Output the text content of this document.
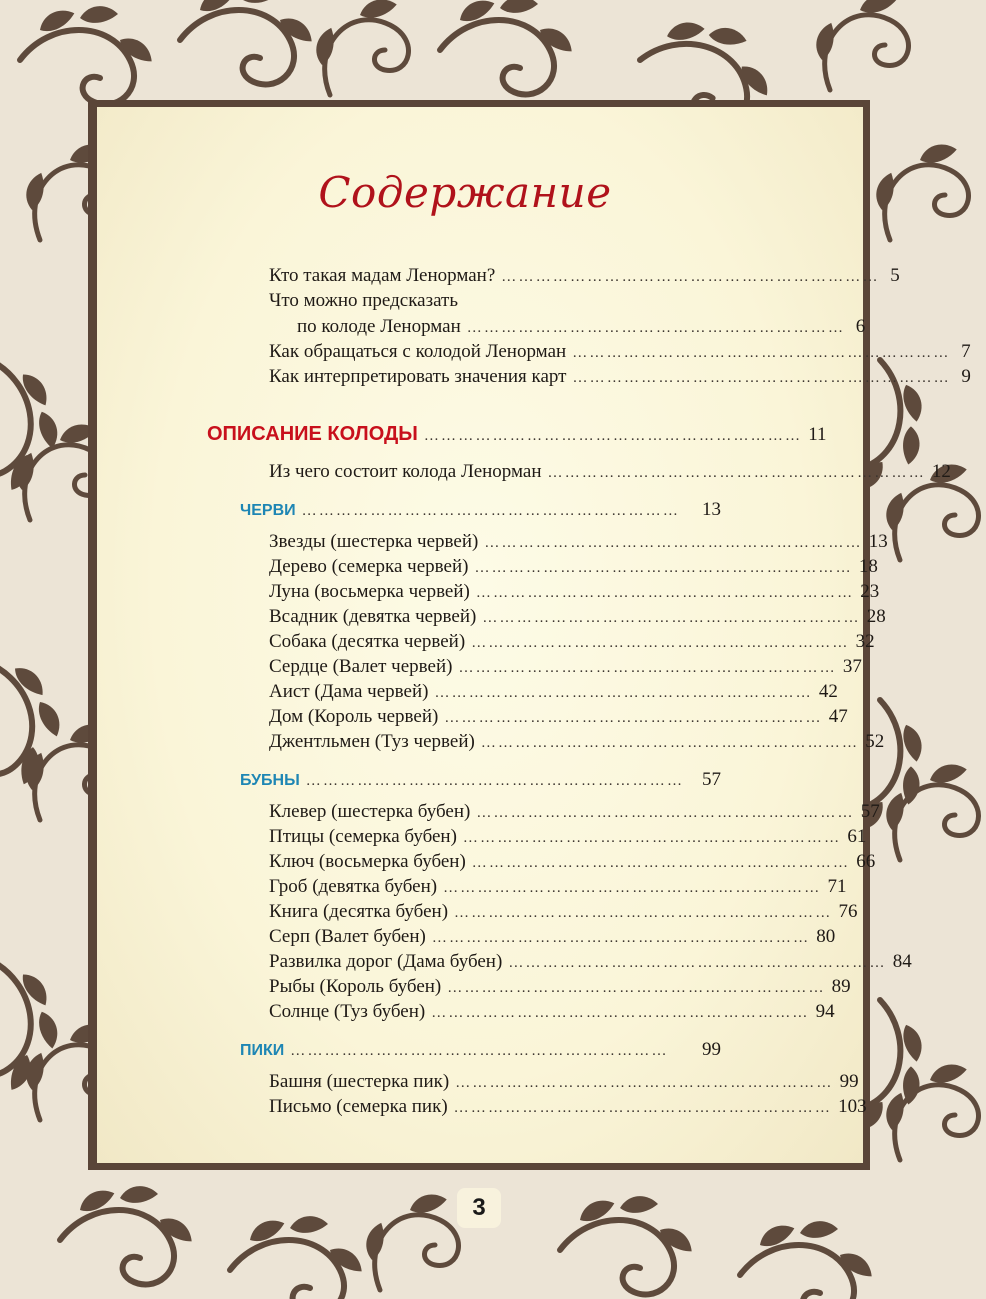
Содержание
Кто такая мадам Ленорман? ………………………………………………………… 5
Что можно предсказать
по колоде Ленорман ………………………………………………………… 6
Как обращаться с колодой Ленорман ………………………………………………………… 7
Как интерпретировать значения карт ………………………………………………………… 9
ОПИСАНИЕ КОЛОДЫ ………………………………………………………… 11
Из чего состоит колода Ленорман ………………………………………………………… 12
ЧЕРВИ …………………………………………………………	13
Звезды (шестерка червей) ………………………………………………………… 13
Дерево (семерка червей) ………………………………………………………… 18
Луна (восьмерка червей) ………………………………………………………… 23
Всадник (девятка червей) ………………………………………………………… 28
Собака (десятка червей) ………………………………………………………… 32
Сердце (Валет червей) ………………………………………………………… 37
Аист (Дама червей) ………………………………………………………… 42
Дом (Король червей) ………………………………………………………… 47
Джентльмен (Туз червей) ………………………………………………………… 52
БУБНЫ ………………………………………………………… 57
Клевер (шестерка бубен) ………………………………………………………… 57
Птицы (семерка бубен) ………………………………………………………… 61
Ключ (восьмерка бубен) ………………………………………………………… 66
Гроб (девятка бубен) ………………………………………………………… 71
Книга (десятка бубен) ………………………………………………………… 76
Серп (Валет бубен) ………………………………………………………… 80
Развилка дорог (Дама бубен) ………………………………………………………… 84
Рыбы (Король бубен) ………………………………………………………… 89
Солнце (Туз бубен) ………………………………………………………… 94
ПИКИ …………………………………………………………	99
Башня (шестерка пик) ………………………………………………………… 99
Письмо (семерка пик) ………………………………………………………… 103
3
